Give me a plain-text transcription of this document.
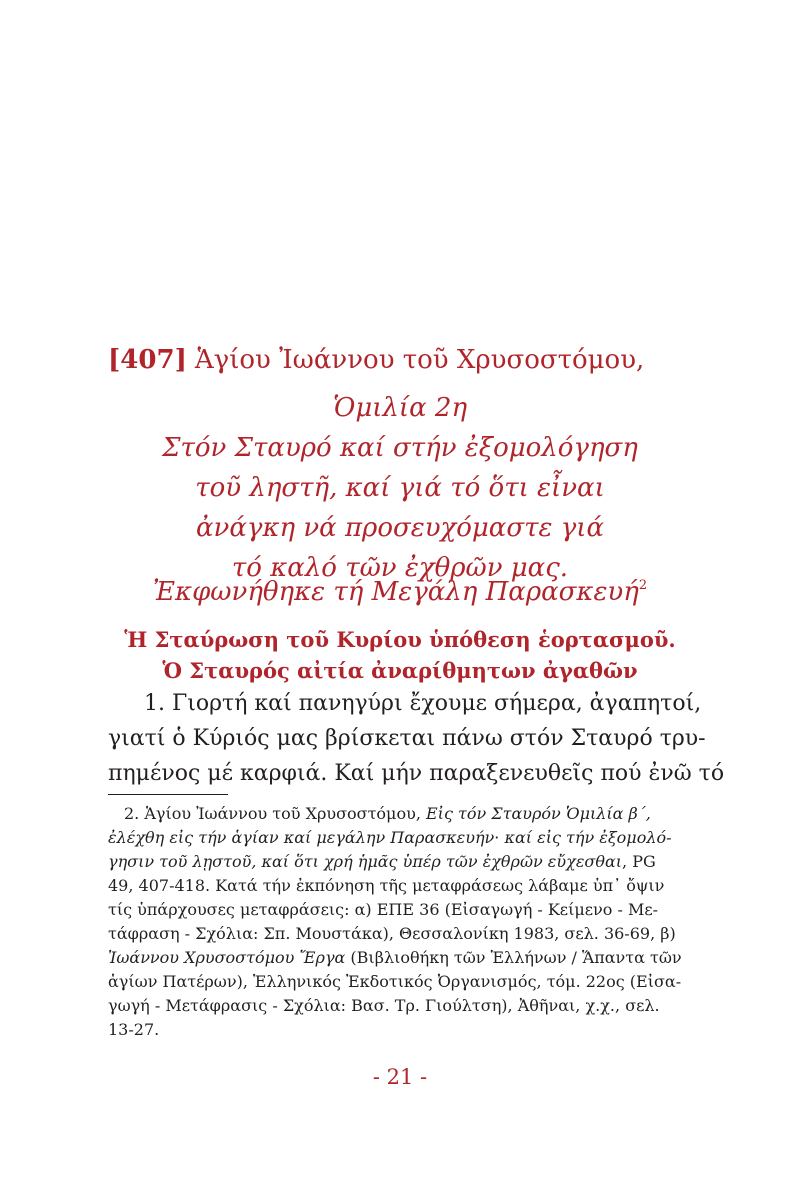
[407] Ἁγίου Ἰωάννου τοῦ Χρυσοστόμου,
Ὁμιλία 2η
Στόν Σταυρό καί στήν ἐξομολόγηση
τοῦ ληστῆ, καί γιά τό ὅτι εἶναι
ἀνάγκη νά προσευχόμαστε γιά
τό καλό τῶν ἐχθρῶν μας.
Ἐκφωνήθηκε τή Μεγάλη Παρασκευή$^2$
Ἡ Σταύρωση τοῦ Κυρίου ὑπόθεση ἑορτασμοῦ.
Ὁ Σταυρός αἰτία ἀναρίθμητων ἀγαθῶν
1. Γιορτή καί πανηγύρι ἔχουμε σήμερα, ἀγαπητοί,
γιατί ὁ Κύριός μας βρίσκεται πάνω στόν Σταυρό τρυ-
πημένος μέ καρφιά. Καί μήν παραξενευθεῖς πού ἐνῶ τό
2. Ἁγίου Ἰωάννου τοῦ Χρυσοστόμου, Εἰς τόν Σταυρόν Ὁμιλία β΄,
ἐλέχθη εἰς τήν ἁγίαν καί μεγάλην Παρασκευήν· καί εἰς τήν ἐξομολό-
γησιν τοῦ λῃστοῦ, καί ὅτι χρή ἡμᾶς ὑπέρ τῶν ἐχθρῶν εὔχεσθαι, PG
49, 407-418. Κατά τήν ἐκπόνηση τῆς μεταφράσεως λάβαμε ὑπ᾽ ὄψιν
τίς ὑπάρχουσες μεταφράσεις: α) ΕΠΕ 36 (Εἰσαγωγή - Κείμενο - Με-
τάφραση - Σχόλια: Σπ. Μουστάκα), Θεσσαλονίκη 1983, σελ. 36-69, β)
Ἰωάννου Χρυσοστόμου Ἔργα (Βιβλιοθήκη τῶν Ἑλλήνων / Ἅπαντα τῶν
ἁγίων Πατέρων), Ἑλληνικός Ἐκδοτικός Ὀργανισμός, τόμ. 22ος (Εἰσα-
γωγή - Μετάφρασις - Σχόλια: Βασ. Τρ. Γιούλτση), Ἀθῆναι, χ.χ., σελ.
13-27.
- 21 -
